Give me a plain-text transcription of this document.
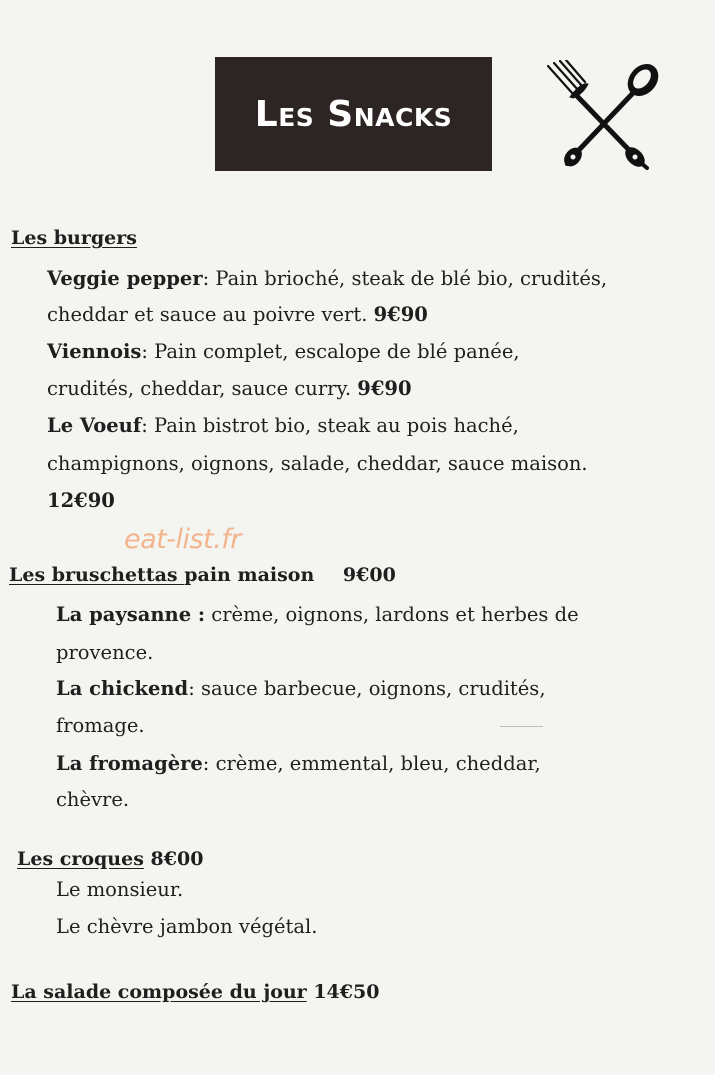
Les Snacks
Les burgers
Veggie pepper: Pain brioché, steak de blé bio, crudités,
cheddar et sauce au poivre vert. 9€90
Viennois: Pain complet, escalope de blé panée,
crudités, cheddar, sauce curry. 9€90
Le Voeuf: Pain bistrot bio, steak au pois haché,
champignons, oignons, salade, cheddar, sauce maison.
12€90
eat-list.fr
Les bruschettas pain maison 9€00
La paysanne : crème, oignons, lardons et herbes de
provence.
La chickend: sauce barbecue, oignons, crudités,
fromage.
La fromagère: crème, emmental, bleu, cheddar,
chèvre.
Les croques 8€00
Le monsieur.
Le chèvre jambon végétal.
La salade composée du jour 14€50
